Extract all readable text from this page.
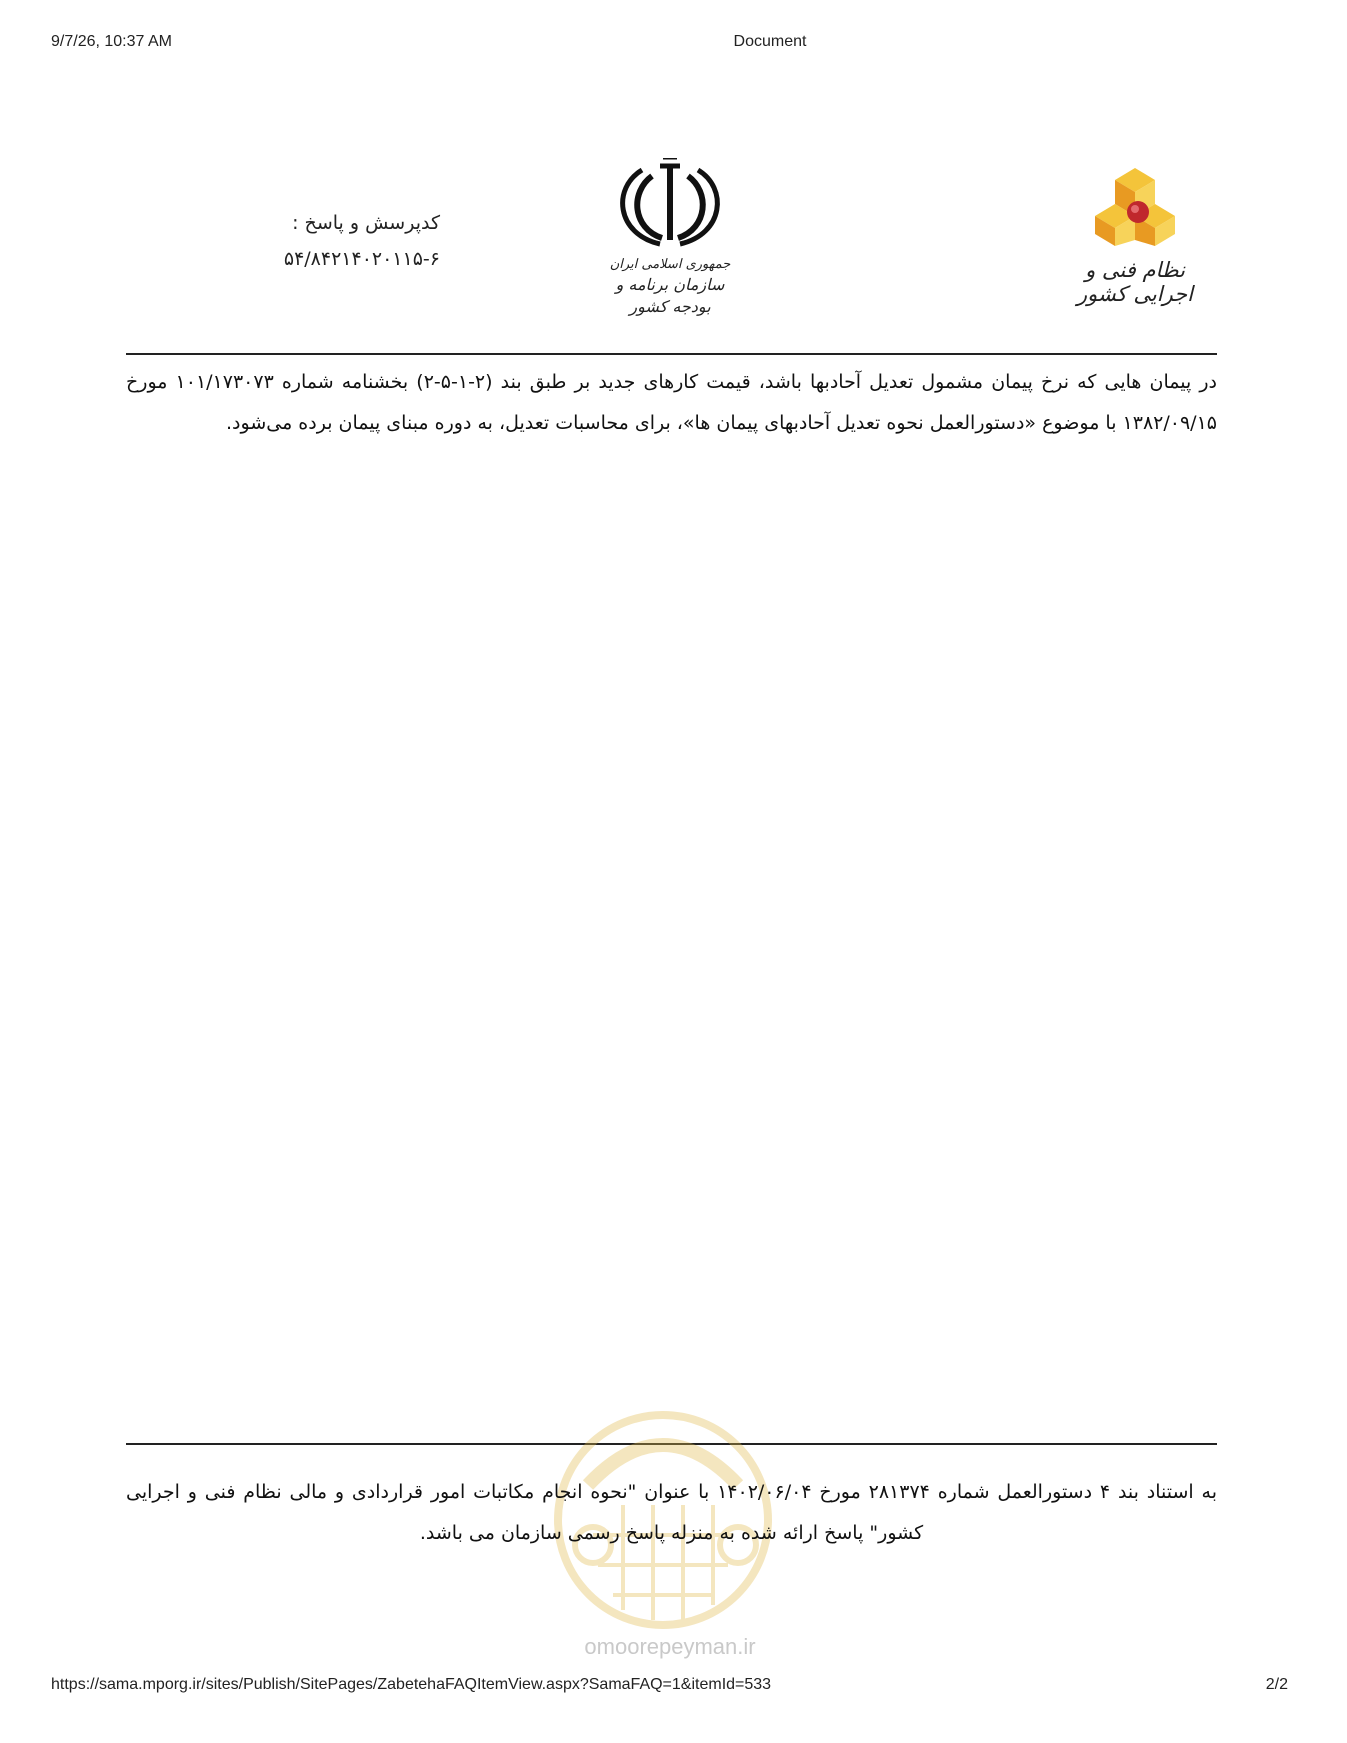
9/7/26, 10:37 AM	Document
نظام فنی و اجرایی کشور
جمهوری اسلامی ایران
سازمان برنامه و بودجه کشور
کدپرسش و پاسخ :
۵۴/۸۴۲۱۴۰۲۰۱۱۵-۶
در پیمان هایی که نرخ پیمان مشمول تعدیل آحادبها باشد، قیمت کارهای جدید بر طبق بند (۲-۱-۵-۲) بخشنامه شماره ۱۰۱/۱۷۳۰۷۳ مورخ ۱۳۸۲/۰۹/۱۵ با موضوع «دستورالعمل نحوه تعدیل آحادبهای پیمان ها»، برای محاسبات تعدیل، به دوره مبنای پیمان برده می‌شود.
omoorepeyman.ir
به استناد بند ۴ دستورالعمل شماره ۲۸۱۳۷۴ مورخ ۱۴۰۲/۰۶/۰۴ با عنوان "نحوه انجام مکاتبات امور قراردادی و مالی نظام فنی و اجرایی کشور" پاسخ ارائه شده به منزله پاسخ رسمی سازمان می باشد.
https://sama.mporg.ir/sites/Publish/SitePages/ZabetehaFAQItemView.aspx?SamaFAQ=1&itemId=533	2/2
